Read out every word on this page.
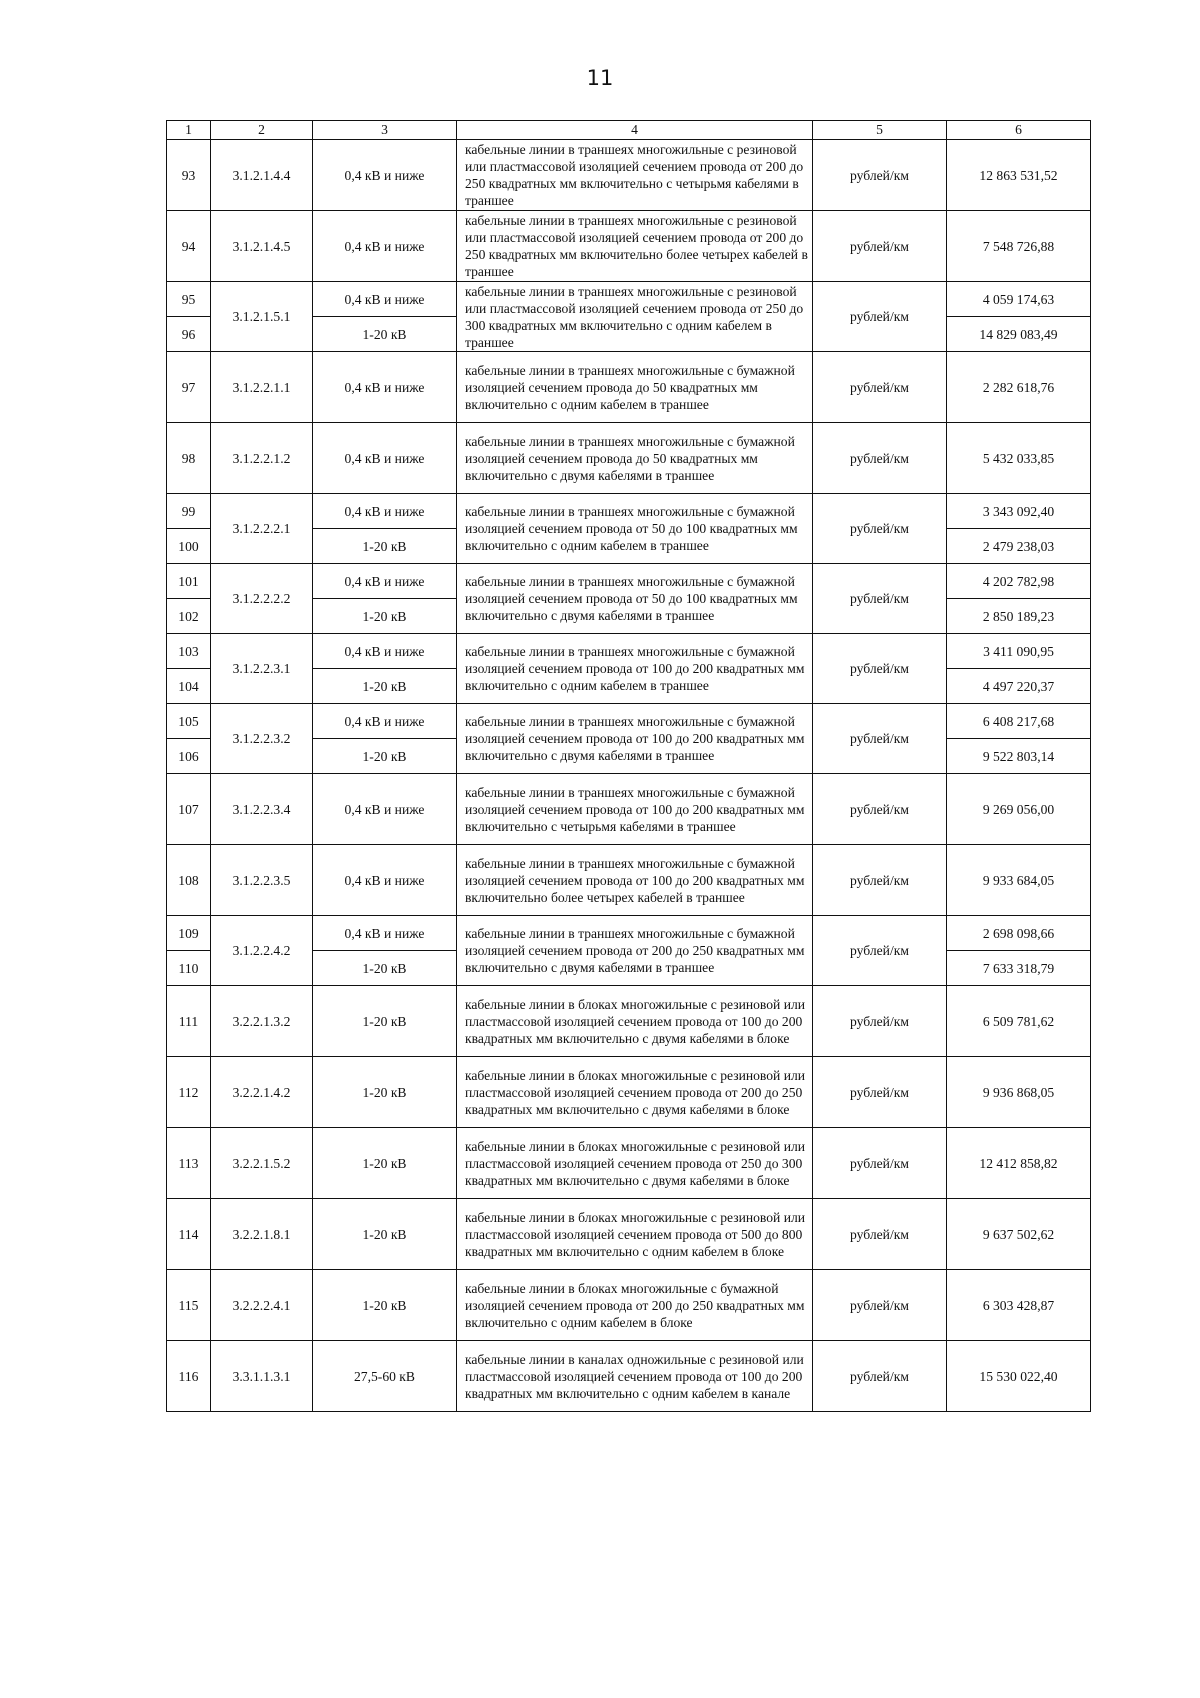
11
1	2	3	4	5	6
93	3.1.2.1.4.4	0,4 кВ и ниже	кабельные линии в траншеях многожильные с резиновой или пластмассовой изоляцией сечением провода от 200 до 250 квадратных мм включительно с четырьмя кабелями в траншее	рублей/км	12 863 531,52
94	3.1.2.1.4.5	0,4 кВ и ниже	кабельные линии в траншеях многожильные с резиновой или пластмассовой изоляцией сечением провода от 200 до 250 квадратных мм включительно более четырех кабелей в траншее	рублей/км	7 548 726,88
95	3.1.2.1.5.1	0,4 кВ и ниже	кабельные линии в траншеях многожильные с резиновой или пластмассовой изоляцией сечением провода от 250 до 300 квадратных мм включительно с одним кабелем в траншее	рублей/км	4 059 174,63
96		1-20 кВ			14 829 083,49
97	3.1.2.2.1.1	0,4 кВ и ниже	кабельные линии в траншеях многожильные с бумажной изоляцией сечением провода до 50 квадратных мм включительно с одним кабелем в траншее	рублей/км	2 282 618,76
98	3.1.2.2.1.2	0,4 кВ и ниже	кабельные линии в траншеях многожильные с бумажной изоляцией сечением провода до 50 квадратных мм включительно с двумя кабелями в траншее	рублей/км	5 432 033,85
99	3.1.2.2.2.1	0,4 кВ и ниже	кабельные линии в траншеях многожильные с бумажной изоляцией сечением провода от 50 до 100 квадратных мм включительно с одним кабелем в траншее	рублей/км	3 343 092,40
100		1-20 кВ			2 479 238,03
101	3.1.2.2.2.2	0,4 кВ и ниже	кабельные линии в траншеях многожильные с бумажной изоляцией сечением провода от 50 до 100 квадратных мм включительно с двумя кабелями в траншее	рублей/км	4 202 782,98
102		1-20 кВ			2 850 189,23
103	3.1.2.2.3.1	0,4 кВ и ниже	кабельные линии в траншеях многожильные с бумажной изоляцией сечением провода от 100 до 200 квадратных мм включительно с одним кабелем в траншее	рублей/км	3 411 090,95
104		1-20 кВ			4 497 220,37
105	3.1.2.2.3.2	0,4 кВ и ниже	кабельные линии в траншеях многожильные с бумажной изоляцией сечением провода от 100 до 200 квадратных мм включительно с двумя кабелями в траншее	рублей/км	6 408 217,68
106		1-20 кВ			9 522 803,14
107	3.1.2.2.3.4	0,4 кВ и ниже	кабельные линии в траншеях многожильные с бумажной изоляцией сечением провода от 100 до 200 квадратных мм включительно с четырьмя кабелями в траншее	рублей/км	9 269 056,00
108	3.1.2.2.3.5	0,4 кВ и ниже	кабельные линии в траншеях многожильные с бумажной изоляцией сечением провода от 100 до 200 квадратных мм включительно более четырех кабелей в траншее	рублей/км	9 933 684,05
109	3.1.2.2.4.2	0,4 кВ и ниже	кабельные линии в траншеях многожильные с бумажной изоляцией сечением провода от 200 до 250 квадратных мм включительно с двумя кабелями в траншее	рублей/км	2 698 098,66
110		1-20 кВ			7 633 318,79
111	3.2.2.1.3.2	1-20 кВ	кабельные линии в блоках многожильные с резиновой или пластмассовой изоляцией сечением провода от 100 до 200 квадратных мм включительно с двумя кабелями в блоке	рублей/км	6 509 781,62
112	3.2.2.1.4.2	1-20 кВ	кабельные линии в блоках многожильные с резиновой или пластмассовой изоляцией сечением провода от 200 до 250 квадратных мм включительно с двумя кабелями в блоке	рублей/км	9 936 868,05
113	3.2.2.1.5.2	1-20 кВ	кабельные линии в блоках многожильные с резиновой или пластмассовой изоляцией сечением провода от 250 до 300 квадратных мм включительно с двумя кабелями в блоке	рублей/км	12 412 858,82
114	3.2.2.1.8.1	1-20 кВ	кабельные линии в блоках многожильные с резиновой или пластмассовой изоляцией сечением провода от 500 до 800 квадратных мм включительно с одним кабелем в блоке	рублей/км	9 637 502,62
115	3.2.2.2.4.1	1-20 кВ	кабельные линии в блоках многожильные с бумажной изоляцией сечением провода от 200 до 250 квадратных мм включительно с одним кабелем в блоке	рублей/км	6 303 428,87
116	3.3.1.1.3.1	27,5-60 кВ	кабельные линии в каналах одножильные с резиновой или пластмассовой изоляцией сечением провода от 100 до 200 квадратных мм включительно с одним кабелем в канале	рублей/км	15 530 022,40
